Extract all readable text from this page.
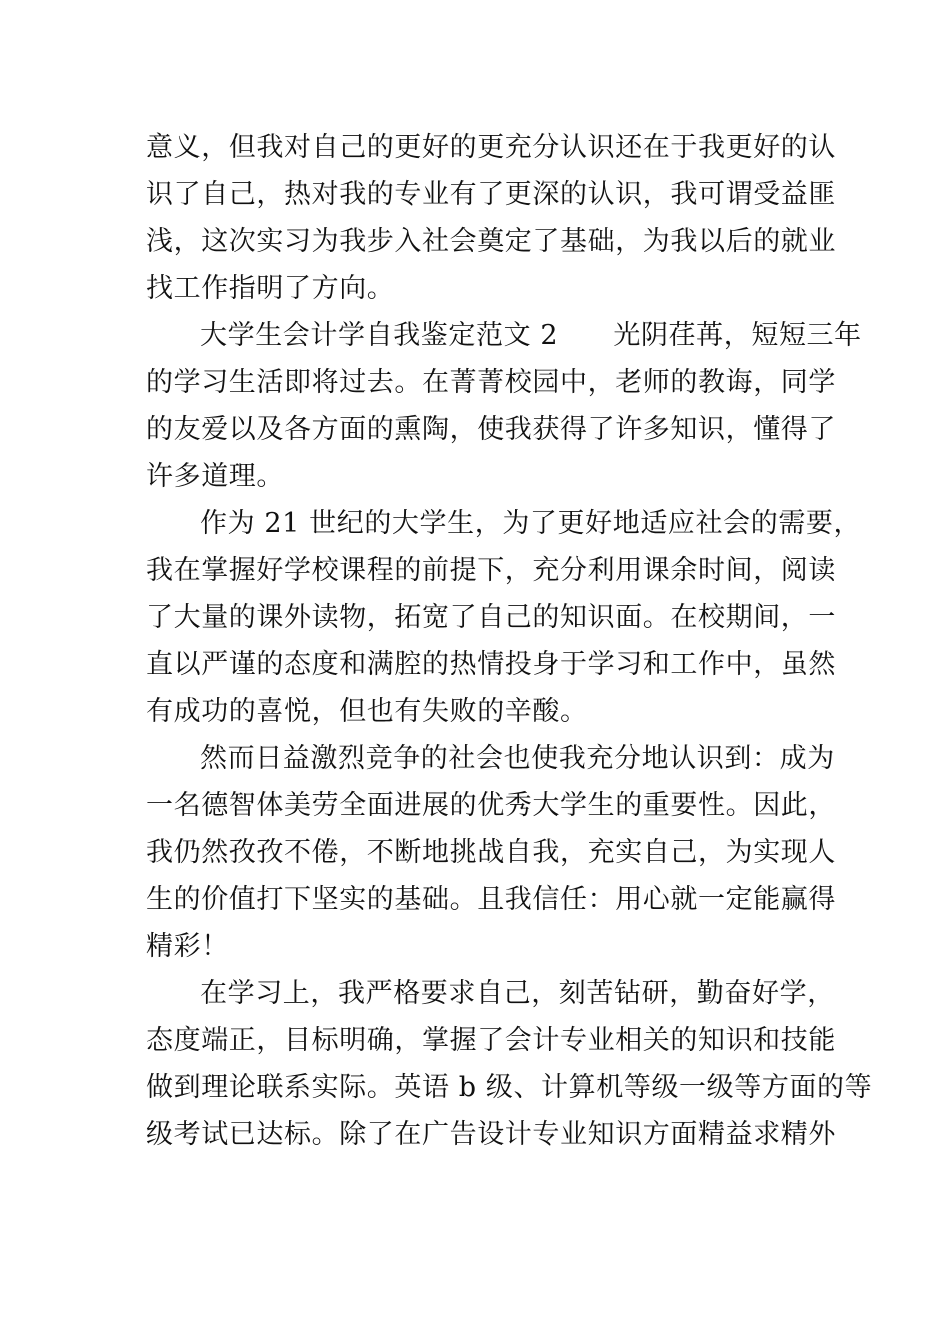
意义，但我对自己的更好的更充分认识还在于我更好的认
识了自己，热对我的专业有了更深的认识，我可谓受益匪
浅，这次实习为我步入社会奠定了基础，为我以后的就业
找工作指明了方向。

大学生会计学自我鉴定范文 2　　光阴荏苒，短短三年
的学习生活即将过去。在菁菁校园中，老师的教诲，同学
的友爱以及各方面的熏陶，使我获得了许多知识，懂得了
许多道理。

作为 21 世纪的大学生，为了更好地适应社会的需要，
我在掌握好学校课程的前提下，充分利用课余时间，阅读
了大量的课外读物，拓宽了自己的知识面。在校期间，一
直以严谨的态度和满腔的热情投身于学习和工作中，虽然
有成功的喜悦，但也有失败的辛酸。

然而日益激烈竞争的社会也使我充分地认识到：成为
一名德智体美劳全面进展的优秀大学生的重要性。因此，
我仍然孜孜不倦，不断地挑战自我，充实自己，为实现人
生的价值打下坚实的基础。且我信任：用心就一定能赢得
精彩！

在学习上，我严格要求自己，刻苦钻研，勤奋好学，
态度端正，目标明确，掌握了会计专业相关的知识和技能
做到理论联系实际。英语 b 级、计算机等级一级等方面的等
级考试已达标。除了在广告设计专业知识方面精益求精外
